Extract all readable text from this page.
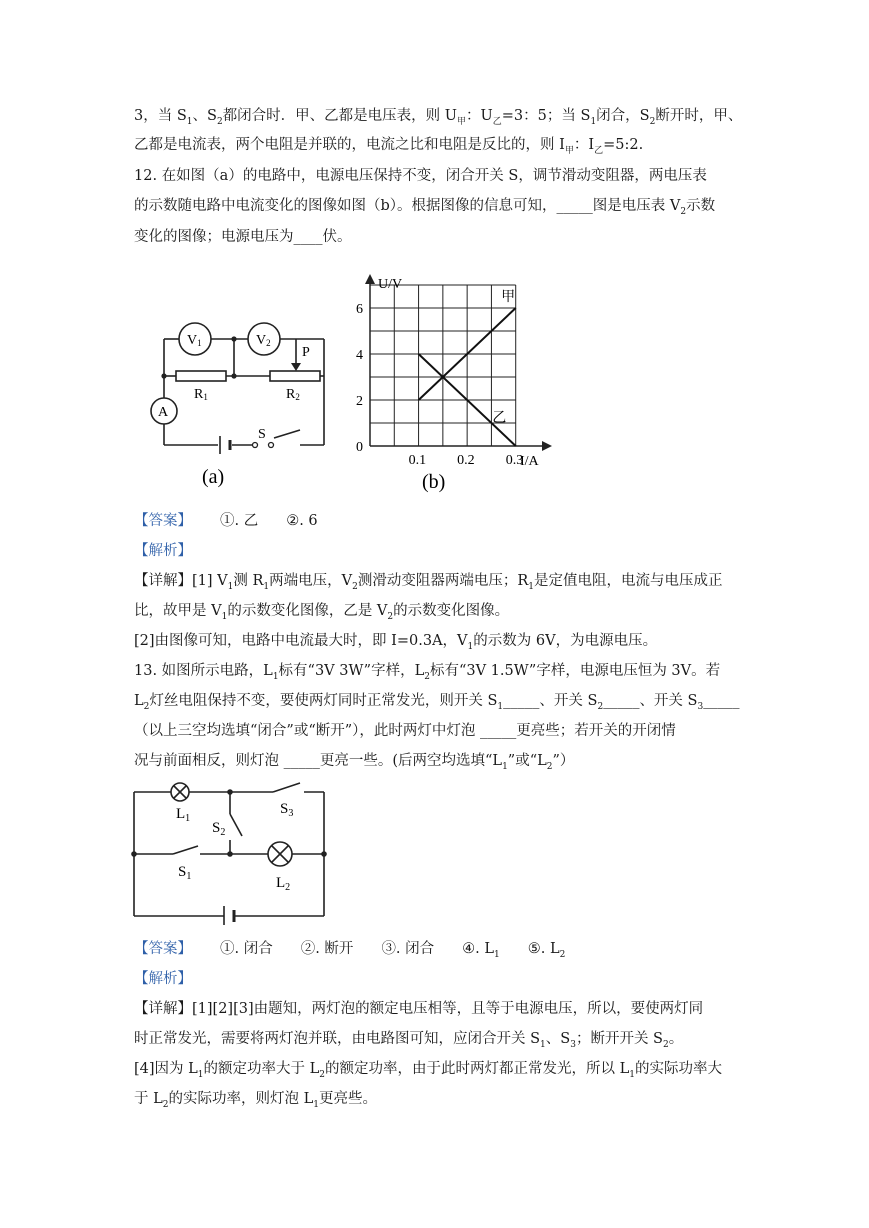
3，当 $S_1$、$S_2$都闭合时．甲、乙都是电压表，则 $U_甲$：$U_乙=3$：5；当 $S_1$闭合，$S_2$断开时，甲、
乙都是电流表，两个电阻是并联的，电流之比和电阻是反比的，则 $I_甲$：$I_乙=5:2$.
12. 在如图（a）的电路中，电源电压保持不变，闭合开关 S，调节滑动变阻器，两电压表
的示数随电路中电流变化的图像如图（b）。根据图像的信息可知，_____图是电压表 $V_2$示数
变化的图像；电源电压为____伏。
V1	V2
P
R1	R2
A
S
(a)
0.1 0.2 0.3
0
2
4
6
甲
乙
U/V
I/A
(b)
【答案】 ①. 乙 ②. 6
【解析】
【详解】[1] $V_1$测 $R_1$两端电压，$V_2$测滑动变阻器两端电压；$R_1$是定值电阻，电流与电压成正
比，故甲是 $V_1$的示数变化图像，乙是 $V_2$的示数变化图像。
[2]由图像可知，电路中电流最大时，即 I=0.3A，$V_1$的示数为 6V，为电源电压。
13. 如图所示电路，$L_1$标有“3V 3W”字样，$L_2$标有“3V 1.5W”字样，电源电压恒为 3V。若
$L_2$灯丝电阻保持不变，要使两灯同时正常发光，则开关 $S_1\_\_\_\_\_$、开关 $S_2\_\_\_\_\_$、开关 $S_3\_\_\_\_\_$
（以上三空均选填“闭合”或“断开”），此时两灯中灯泡 _____更亮些；若开关的开闭情
况与前面相反，则灯泡 _____更亮一些。(后两空均选填“$L_1$”或“$L_2$”）
$L_1$
$S_2$
$S_3$
$S_1$	$L_2$
【答案】 ①. 闭合 ②. 断开 ③. 闭合 ④. $L_1$ ⑤. $L_2$
【解析】
【详解】[1][2][3]由题知，两灯泡的额定电压相等，且等于电源电压，所以，要使两灯同
时正常发光，需要将两灯泡并联，由电路图可知，应闭合开关 $S_1$、$S_3$；断开开关 $S_2$。
[4]因为 $L_1$的额定功率大于 $L_2$的额定功率，由于此时两灯都正常发光，所以 $L_1$的实际功率大
于 $L_2$的实际功率，则灯泡 $L_1$更亮些。
